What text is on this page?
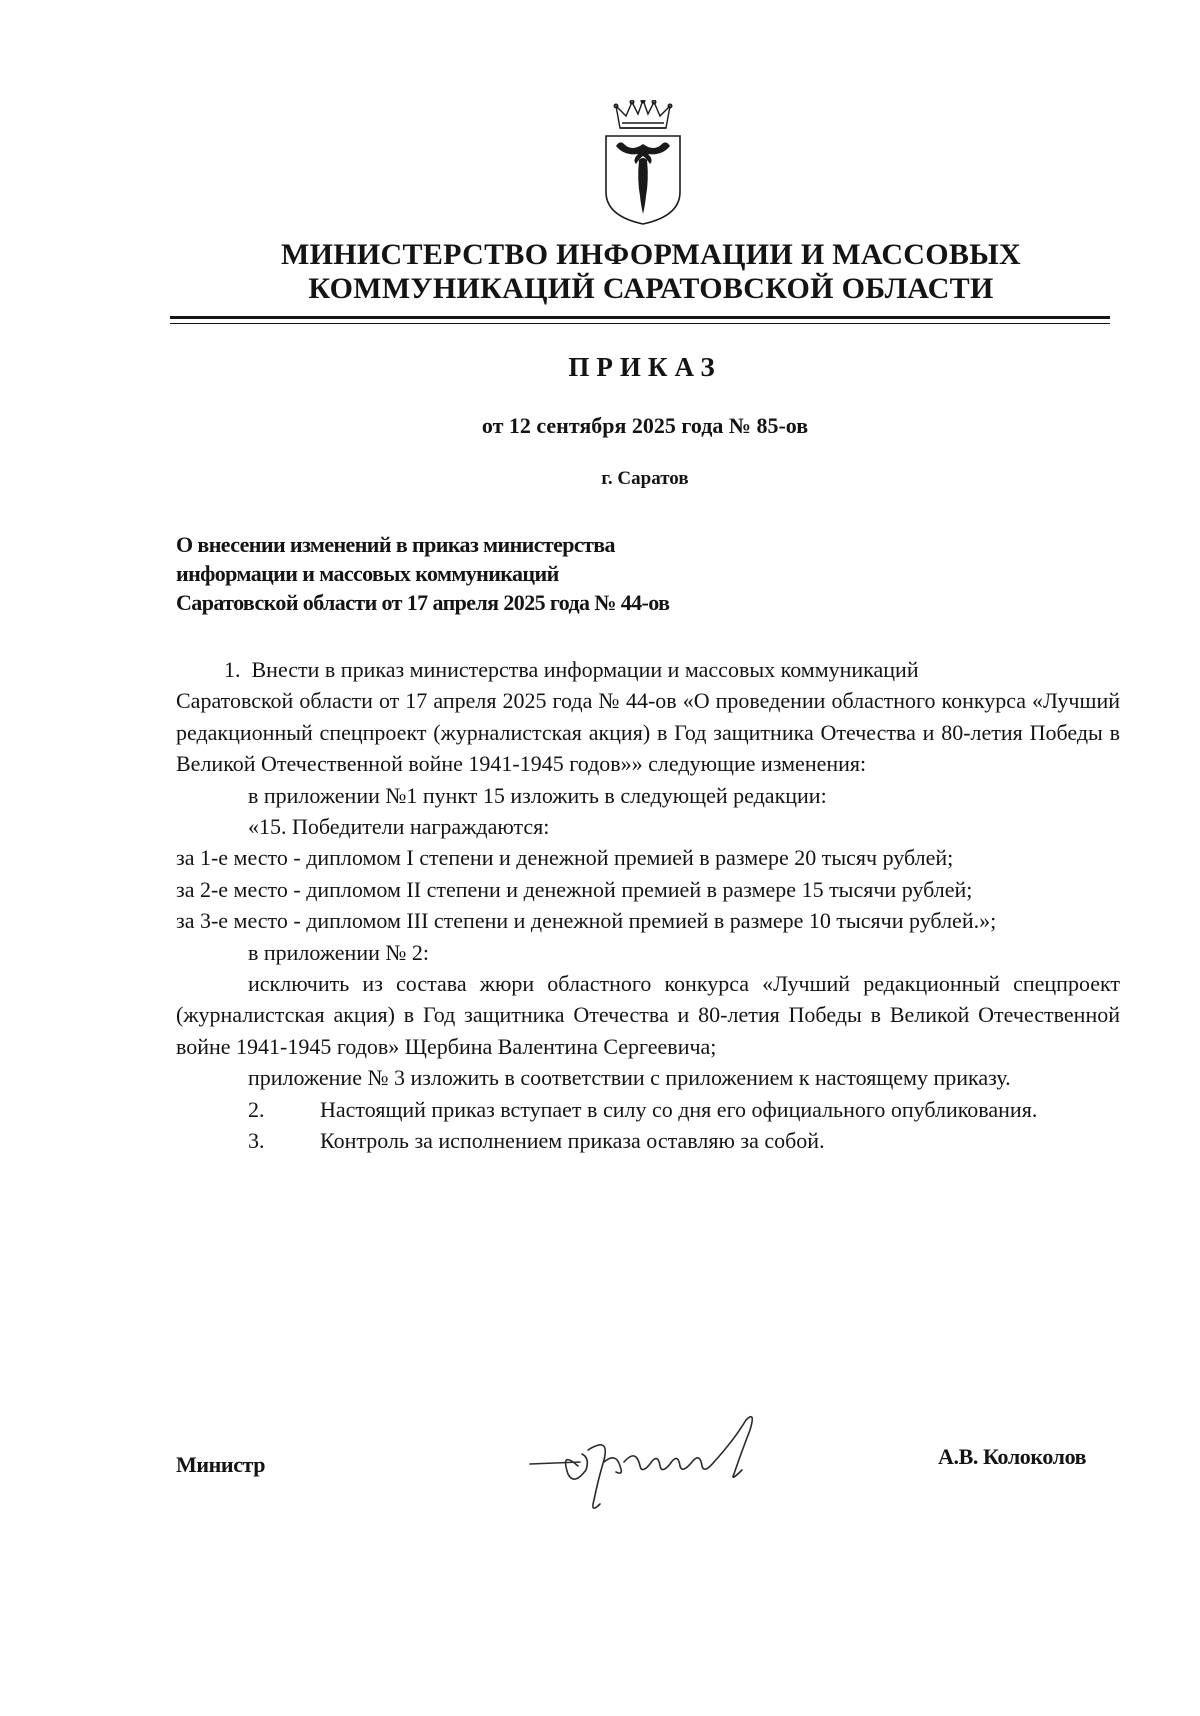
МИНИСТЕРСТВО ИНФОРМАЦИИ И МАССОВЫХ
КОММУНИКАЦИЙ САРАТОВСКОЙ ОБЛАСТИ
ПРИКАЗ
от 12 сентября 2025 года № 85-ов
г. Саратов
О внесении изменений в приказ министерства
информации и массовых коммуникаций
Саратовской области от 17 апреля 2025 года № 44-ов

1. Внести в приказ министерства информации и массовых коммуникаций

Саратовской области от 17 апреля 2025 года № 44-ов «О проведении областного конкурса «Лучший редакционный спецпроект (журналистская акция) в Год защитника Отечества и 80-летия Победы в Великой Отечественной войне 1941-1945 годов»» следующие изменения:

в приложении №1 пункт 15 изложить в следующей редакции:

«15. Победители награждаются:

за 1-е место - дипломом I степени и денежной премией в размере 20 тысяч рублей;

за 2-е место - дипломом II степени и денежной премией в размере 15 тысячи рублей;

за 3-е место - дипломом III степени и денежной премией в размере 10 тысячи рублей.»;

в приложении № 2:

исключить из состава жюри областного конкурса «Лучший редакционный спецпроект (журналистская акция) в Год защитника Отечества и 80-летия Победы в Великой Отечественной войне 1941-1945 годов» Щербина Валентина Сергеевича;

приложение № 3 изложить в соответствии с приложением к настоящему приказу.

2.	Настоящий приказ вступает в силу со дня его официального опубликования.

3.	Контроль за исполнением приказа оставляю за собой.

Министр	А.В. Колоколов
